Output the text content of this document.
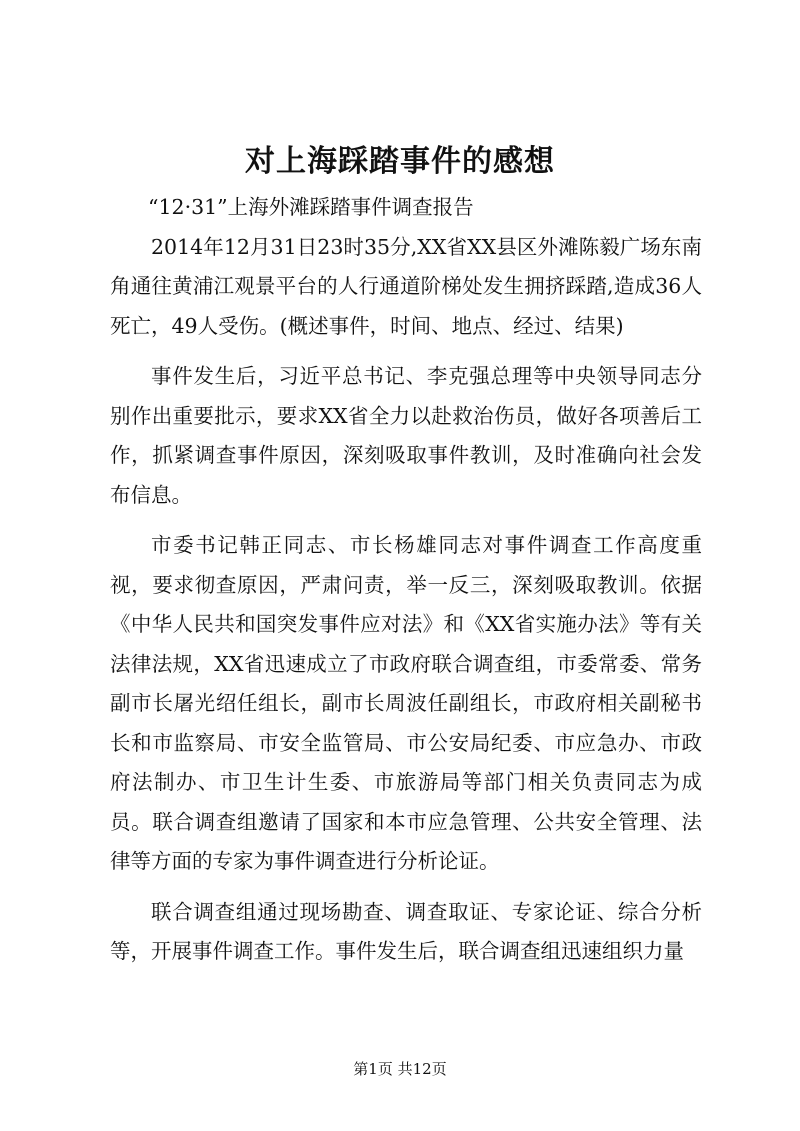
对上海踩踏事件的感想

“12·31”上海外滩踩踏事件调查报告

2014年12月31日23时35分,XX省XX县区外滩陈毅广场东南角通往黄浦江观景平台的人行通道阶梯处发生拥挤踩踏,造成36人死亡，49人受伤。(概述事件，时间、地点、经过、结果)

事件发生后，习近平总书记、李克强总理等中央领导同志分别作出重要批示，要求XX省全力以赴救治伤员，做好各项善后工作，抓紧调查事件原因，深刻吸取事件教训，及时准确向社会发布信息。

市委书记韩正同志、市长杨雄同志对事件调查工作高度重视，要求彻查原因，严肃问责，举一反三，深刻吸取教训。依据《中华人民共和国突发事件应对法》和《XX省实施办法》等有关法律法规，XX省迅速成立了市政府联合调查组，市委常委、常务副市长屠光绍任组长，副市长周波任副组长，市政府相关副秘书长和市监察局、市安全监管局、市公安局纪委、市应急办、市政府法制办、市卫生计生委、市旅游局等部门相关负责同志为成员。联合调查组邀请了国家和本市应急管理、公共安全管理、法律等方面的专家为事件调查进行分析论证。

联合调查组通过现场勘查、调查取证、专家论证、综合分析等，开展事件调查工作。事件发生后，联合调查组迅速组织力量

第1页 共12页
